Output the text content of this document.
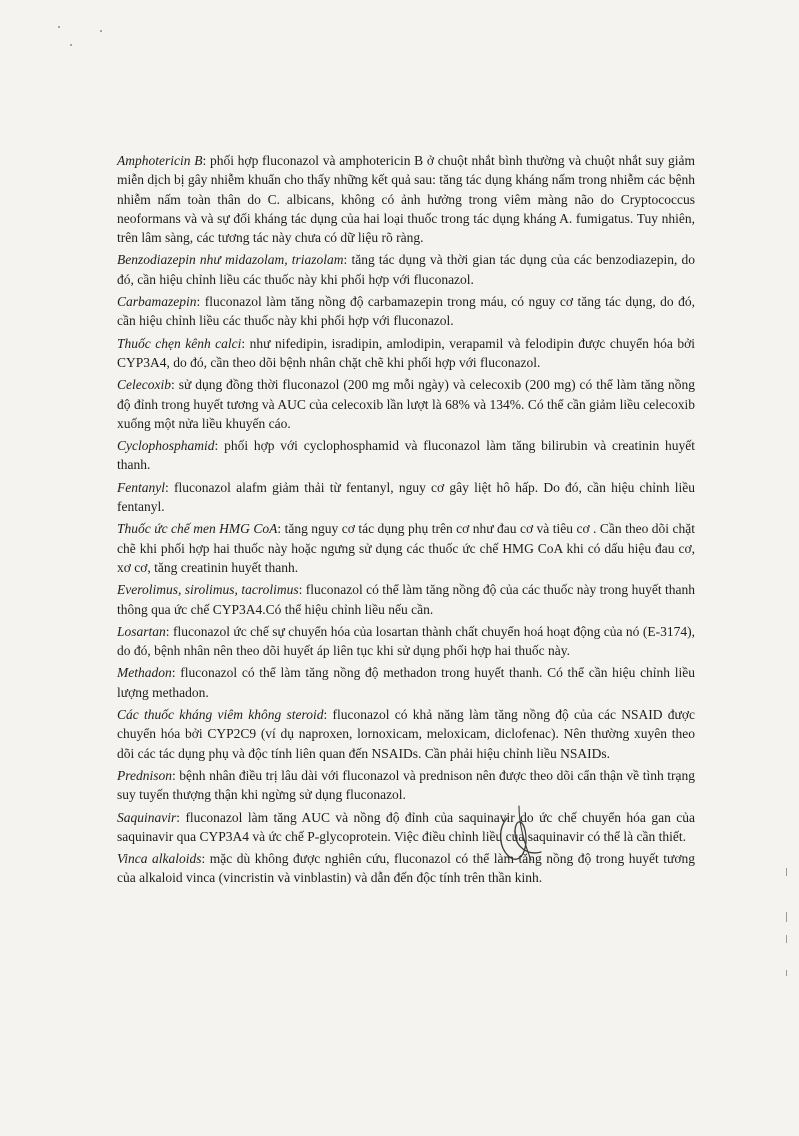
Amphotericin B: phối hợp fluconazol và amphotericin B ở chuột nhắt bình thường và chuột nhắt suy giảm miễn dịch bị gây nhiễm khuẩn cho thấy những kết quả sau: tăng tác dụng kháng nấm trong nhiễm các bệnh nhiễm nấm toàn thân do C. albicans, không có ảnh hưởng trong viêm màng não do Cryptococcus neoformans và và sự đối kháng tác dụng của hai loại thuốc trong tác dụng kháng A. fumigatus. Tuy nhiên, trên lâm sàng, các tương tác này chưa có dữ liệu rõ ràng.

Benzodiazepin như midazolam, triazolam: tăng tác dụng và thời gian tác dụng của các benzodiazepin, do đó, cần hiệu chỉnh liều các thuốc này khi phối hợp với fluconazol.

Carbamazepin: fluconazol làm tăng nồng độ carbamazepin trong máu, có nguy cơ tăng tác dụng, do đó, cần hiệu chỉnh liều các thuốc này khi phối hợp với fluconazol.

Thuốc chẹn kênh calci: như nifedipin, isradipin, amlodipin, verapamil và felodipin được chuyển hóa bởi CYP3A4, do đó, cần theo dõi bệnh nhân chặt chẽ khi phối hợp với fluconazol.

Celecoxib: sử dụng đồng thời fluconazol (200 mg mỗi ngày) và celecoxib (200 mg) có thể làm tăng nồng độ đỉnh trong huyết tương và AUC của celecoxib lần lượt là 68% và 134%. Có thể cần giảm liều celecoxib xuống một nửa liều khuyến cáo.

Cyclophosphamid: phối hợp với cyclophosphamid và fluconazol làm tăng bilirubin và creatinin huyết thanh.

Fentanyl: fluconazol alafm giảm thải từ fentanyl, nguy cơ gây liệt hô hấp. Do đó, cần hiệu chỉnh liều fentanyl.

Thuốc ức chế men HMG CoA: tăng nguy cơ tác dụng phụ trên cơ như đau cơ và tiêu cơ . Cần theo dõi chặt chẽ khi phối hợp hai thuốc này hoặc ngưng sử dụng các thuốc ức chế HMG CoA khi có dấu hiệu đau cơ, xơ cơ, tăng creatinin huyết thanh.

Everolimus, sirolimus, tacrolimus: fluconazol có thể làm tăng nồng độ của các thuốc này trong huyết thanh thông qua ức chế CYP3A4.Có thể hiệu chỉnh liều nếu cần.

Losartan: fluconazol ức chế sự chuyển hóa của losartan thành chất chuyển hoá hoạt động của nó (E-3174), do đó, bệnh nhân nên theo dõi huyết áp liên tục khi sử dụng phối hợp hai thuốc này.

Methadon: fluconazol có thể làm tăng nồng độ methadon trong huyết thanh. Có thể cần hiệu chỉnh liều lượng methadon.

Các thuốc kháng viêm không steroid: fluconazol có khả năng làm tăng nồng độ của các NSAID được chuyển hóa bởi CYP2C9 (ví dụ naproxen, lornoxicam, meloxicam, diclofenac). Nên thường xuyên theo dõi các tác dụng phụ và độc tính liên quan đến NSAIDs. Cần phải hiệu chỉnh liều NSAIDs.

Prednison: bệnh nhân điều trị lâu dài với fluconazol và prednison nên được theo dõi cẩn thận về tình trạng suy tuyến thượng thận khi ngừng sử dụng fluconazol.

Saquinavir: fluconazol làm tăng AUC và nồng độ đỉnh của saquinavir do ức chế chuyển hóa gan của saquinavir qua CYP3A4 và ức chế P-glycoprotein. Việc điều chỉnh liều của saquinavir có thể là cần thiết.

Vinca alkaloids: mặc dù không được nghiên cứu, fluconazol có thể làm tăng nồng độ trong huyết tương của alkaloid vinca (vincristin và vinblastin) và dẫn đến độc tính trên thần kinh.
